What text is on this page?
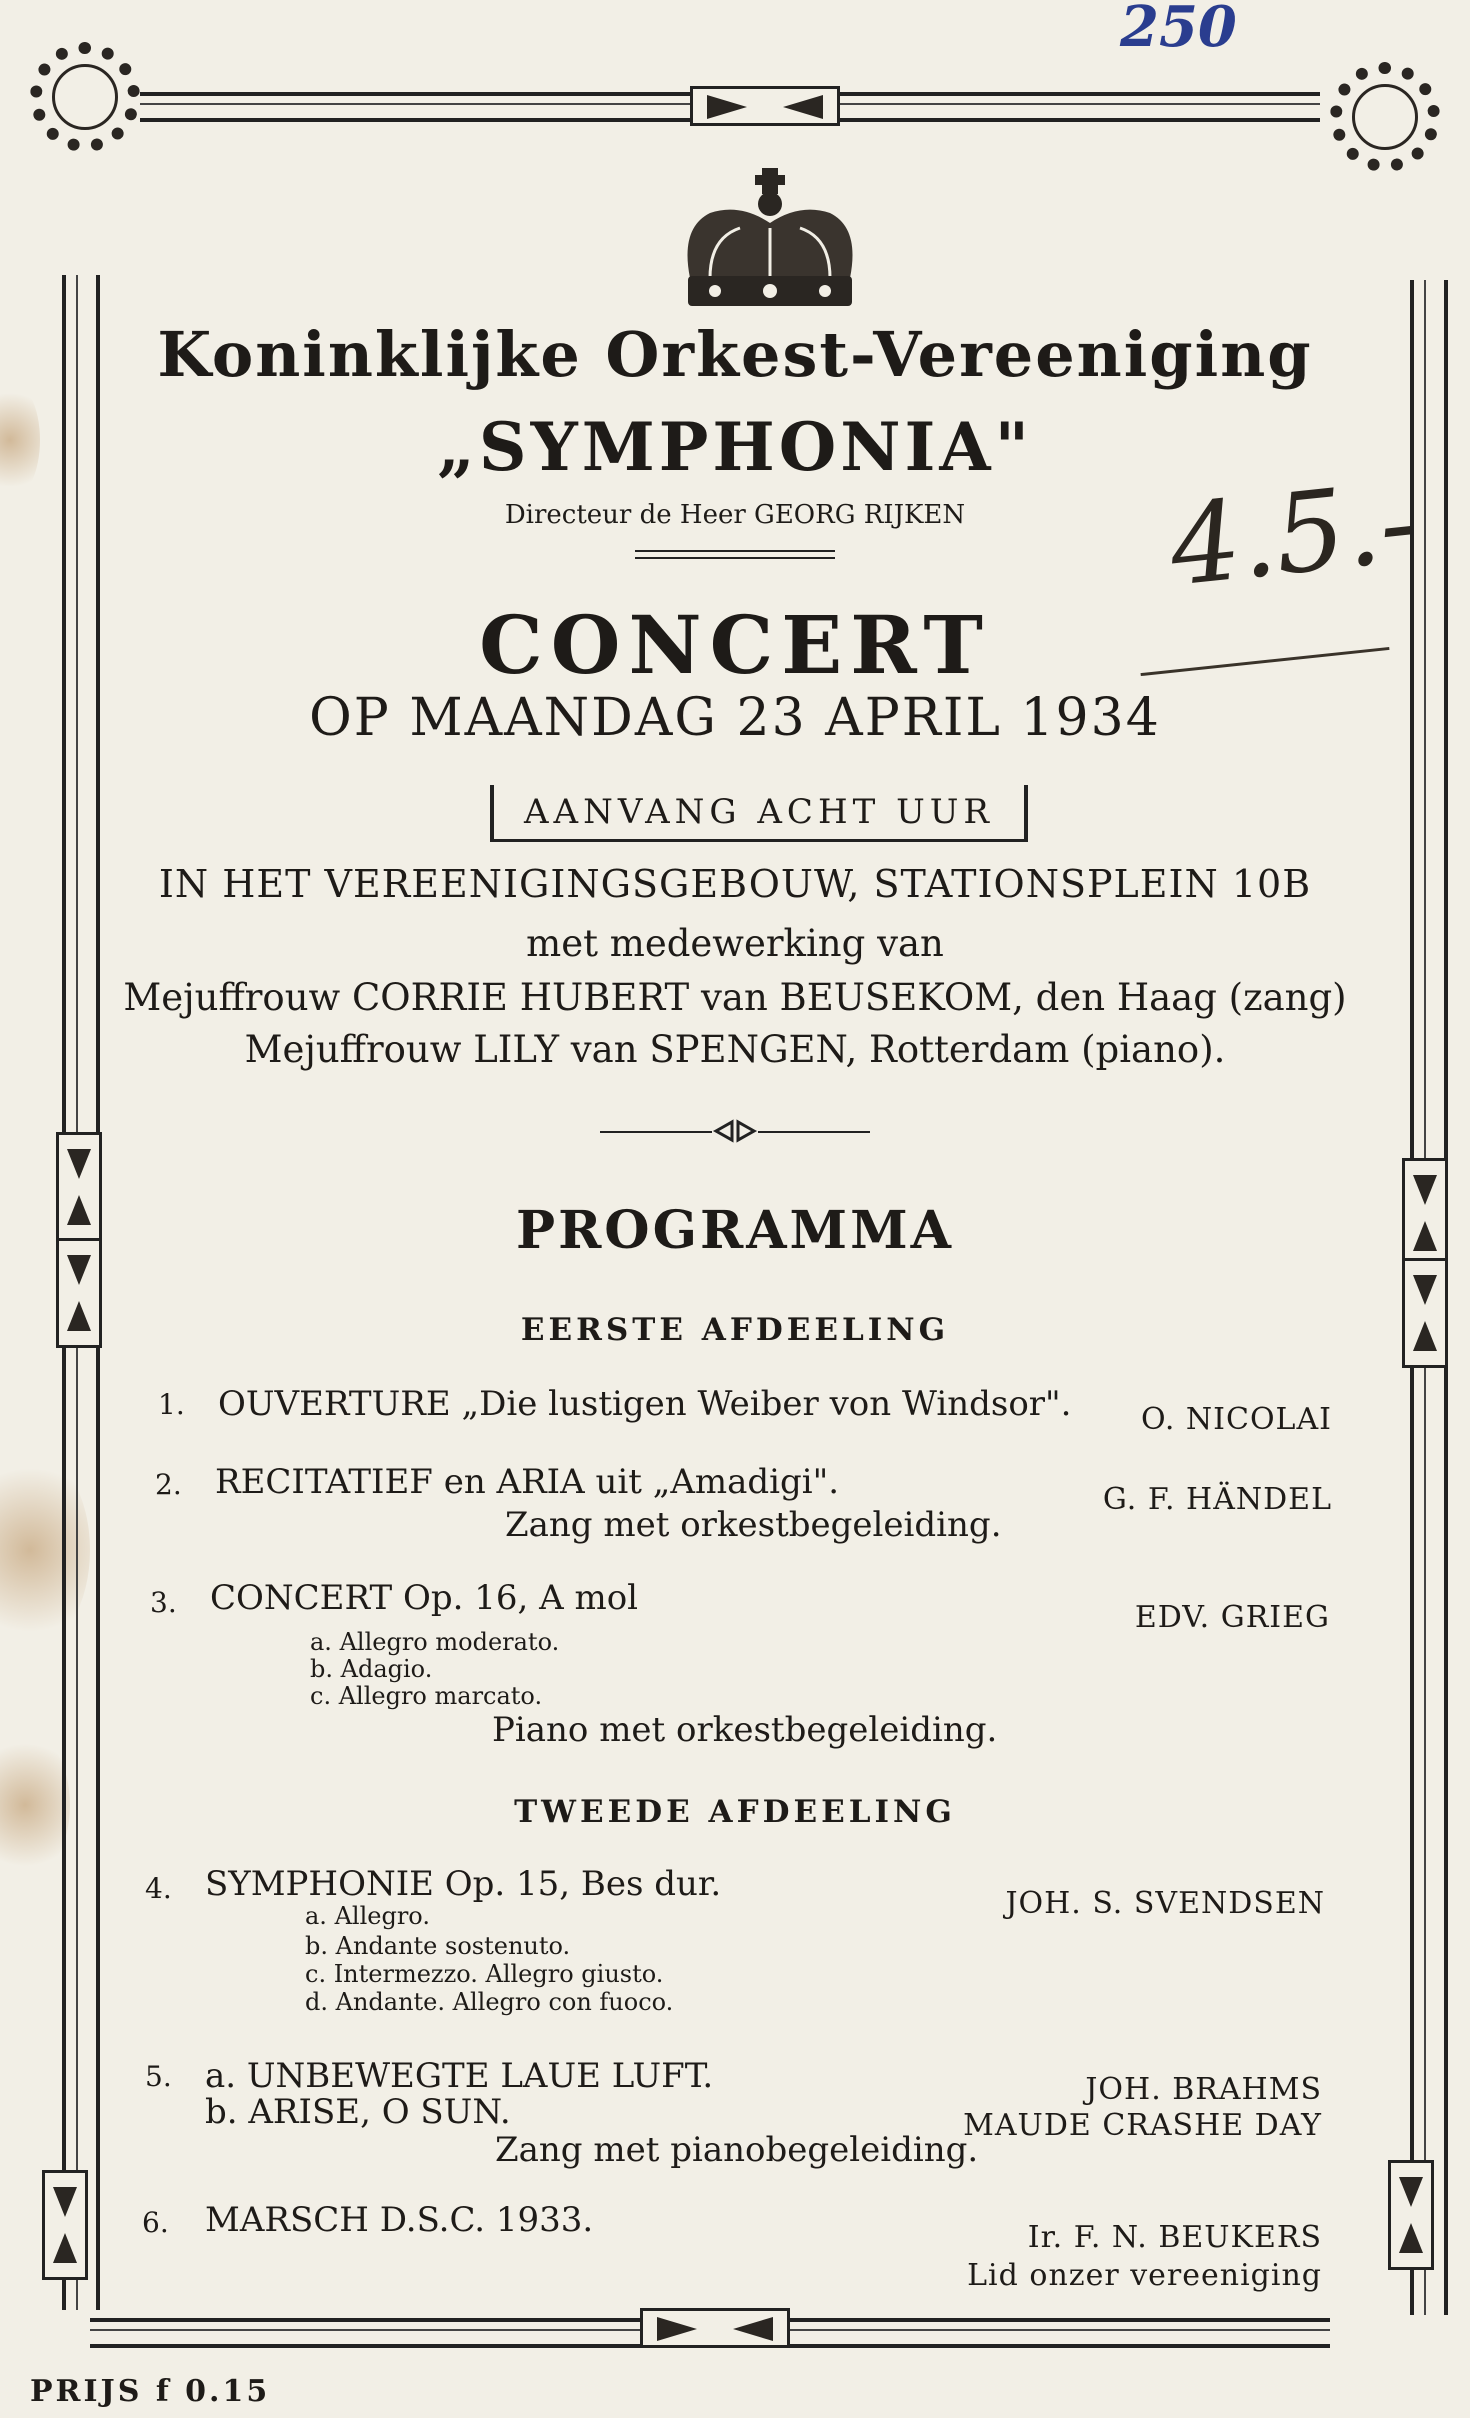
250
4.5.-
Koninklijke Orkest-Vereeniging
„SYMPHONIA"
Directeur de Heer GEORG RIJKEN
CONCERT
OP MAANDAG 23 APRIL 1934
AANVANG ACHT UUR
IN HET VEREENIGINGSGEBOUW, STATIONSPLEIN 10B
met medewerking van
Mejuffrouw CORRIE HUBERT van BEUSEKOM, den Haag (zang)
Mejuffrouw LILY van SPENGEN, Rotterdam (piano).
PROGRAMMA
EERSTE AFDEELING
1. OUVERTURE „Die lustigen Weiber von Windsor". O. NICOLAI
2. RECITATIEF en ARIA uit „Amadigi".
Zang met orkestbegeleiding.
G. F. HÄNDEL
3. CONCERT Op. 16, A mol	EDV. GRIEG
a. Allegro moderato.
b. Adagio.
c. Allegro marcato.
Piano met orkestbegeleiding.
TWEEDE AFDEELING
4. SYMPHONIE Op. 15, Bes dur.	JOH. S. SVENDSEN
a. Allegro.
b. Andante sostenuto.
c. Intermezzo. Allegro giusto.
d. Andante. Allegro con fuoco.
5. a. UNBEWEGTE LAUE LUFT.
b. ARISE, O SUN.
Zang met pianobegeleiding.
JOH. BRAHMS
MAUDE CRASHE DAY
6. MARSCH D.S.C. 1933.	Ir. F. N. BEUKERS
Lid onzer vereeniging
PRIJS f 0.15
